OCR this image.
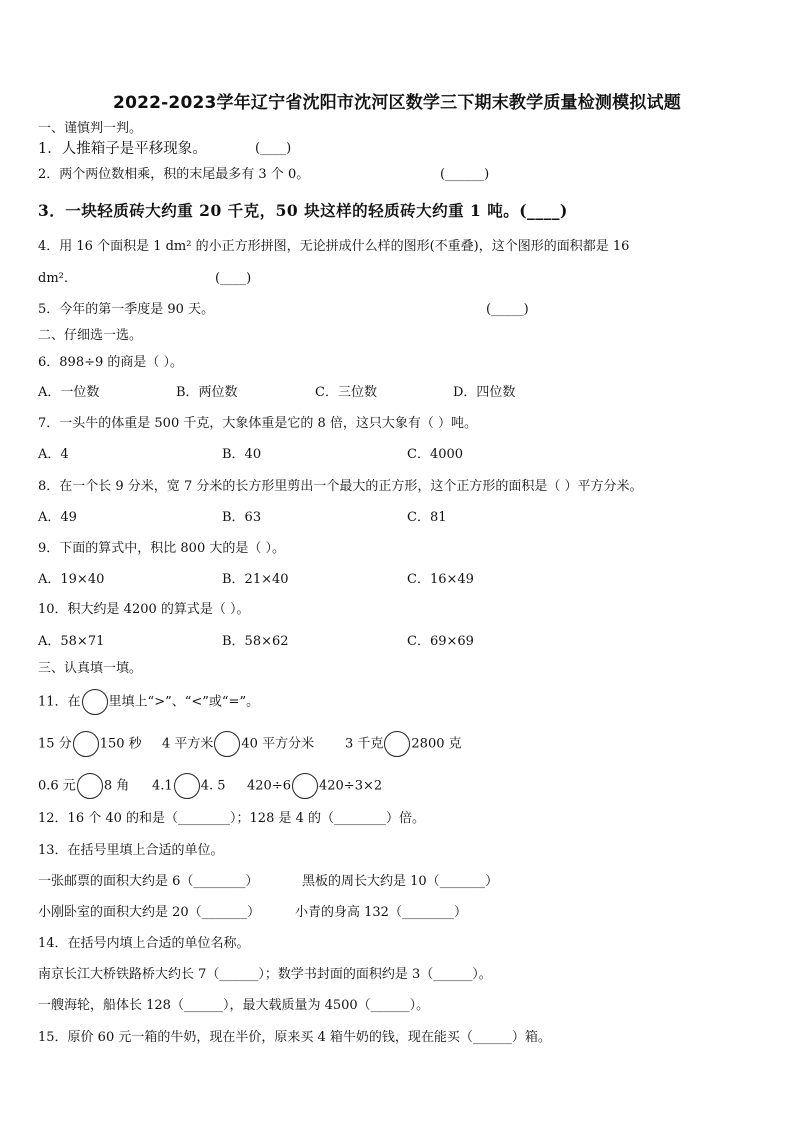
2022-2023学年辽宁省沈阳市沈河区数学三下期末教学质量检测模拟试题
一、谨慎判一判。
1．人推箱子是平移现象。	(____)
2．两个两位数相乘，积的末尾最多有 3 个 0。	(______)
3．一块轻质砖大约重 20 千克，50 块这样的轻质砖大约重 1 吨。(____)
4．用 16 个面积是 1 dm² 的小正方形拼图，无论拼成什么样的图形(不重叠)，这个图形的面积都是 16
dm².	(____)
5．今年的第一季度是 90 天。	(_____)
二、仔细选一选。
6．898÷9 的商是（ ）。
A．一位数	B．两位数	C．三位数	D．四位数
7．一头牛的体重是 500 千克，大象体重是它的 8 倍，这只大象有（ ）吨。
A．4	B．40	C．4000
8．在一个长 9 分米，宽 7 分米的长方形里剪出一个最大的正方形，这个正方形的面积是（ ）平方分米。
A．49	B．63	C．81
9．下面的算式中，积比 800 大的是（ ）。
A．19×40	B．21×40	C．16×49
10．积大约是 4200 的算式是（ ）。
A．58×71	B．58×62	C．69×69
三、认真填一填。
11．在 里填上“>”、“<”或“=”。
15 分 150 秒 4 平方米 40 平方分米 3 千克 2800 克
0.6 元 8 角 4.1 4. 5 420÷6 420÷3×2
12．16 个 40 的和是（________）；128 是 4 的（________）倍。
13．在括号里填上合适的单位。
一张邮票的面积大约是 6（________）	黑板的周长大约是 10（_______）
小刚卧室的面积大约是 20（_______）	小青的身高 132（________）
14．在括号内填上合适的单位名称。
南京长江大桥铁路桥大约长 7（______）；数学书封面的面积约是 3（______）。
一艘海轮，船体长 128（______），最大载质量为 4500（______）。
15．原价 60 元一箱的牛奶，现在半价，原来买 4 箱牛奶的钱，现在能买（______）箱。
